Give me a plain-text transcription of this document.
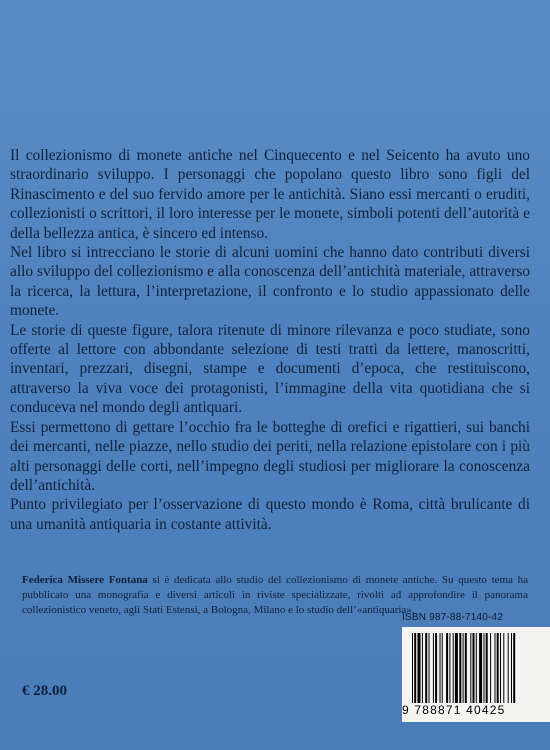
Il collezionismo di monete antiche nel Cinquecento e nel Seicento ha avuto uno straordinario sviluppo. I personaggi che popolano questo libro sono figli del Rinascimento e del suo fervido amore per le antichità. Siano essi mercanti o eruditi, collezionisti o scrittori, il loro interesse per le monete, simboli potenti dell’autorità e della bellezza antica, è sincero ed intenso.

Nel libro si intrecciano le storie di alcuni uomini che hanno dato contributi diversi allo sviluppo del collezionismo e alla conoscenza dell’antichità materiale, attraverso la ricerca, la lettura, l’interpretazione, il confronto e lo studio appassionato delle monete.

Le storie di queste figure, talora ritenute di minore rilevanza e poco studiate, sono offerte al lettore con abbondante selezione di testi tratti da lettere, manoscritti, inventari, prezzari, disegni, stampe e documenti d’epoca, che restituiscono, attraverso la viva voce dei protagonisti, l’immagine della vita quotidiana che si conduceva nel mondo degli antiquari.

Essi permettono di gettare l’occhio fra le botteghe di orefici e rigattieri, sui banchi dei mercanti, nelle piazze, nello studio dei periti, nella relazione epistolare con i più alti personaggi delle corti, nell’impegno degli studiosi per migliorare la conoscenza dell’antichità.

Punto privilegiato per l’osservazione di questo mondo è Roma, città brulicante di una umanità antiquaria in costante attività.

Federica Missere Fontana si è dedicata allo studio del collezionismo di monete antiche. Su questo tema ha pubblicato una monografia e diversi articoli in riviste specializzate, rivolti ad approfondire il panorama collezionistico veneto, agli Stati Estensi, a Bologna, Milano e lo studio dell’«antiquaria».
€ 28.00
ISBN 987-88-7140-42
9 788871 40425
